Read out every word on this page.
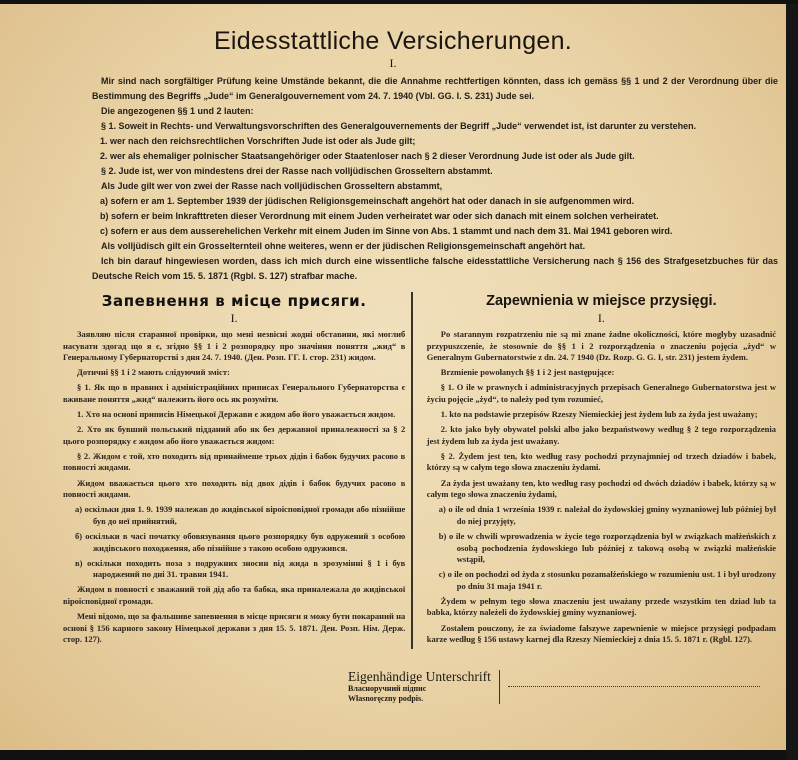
Eidesstattliche Versicherungen.
I.

Mir sind nach sorgfältiger Prüfung keine Umstände bekannt, die die Annahme rechtfertigen könnten, dass ich gemäss §§ 1 und 2 der Verordnung über die Bestimmung des Begriffs „Jude“ im Generalgouvernement vom 24. 7. 1940 (Vbl. GG. I. S. 231) Jude sei.

Die angezogenen §§ 1 und 2 lauten:

§ 1. Soweit in Rechts- und Verwaltungsvorschriften des Generalgouvernements der Begriff „Jude“ verwendet ist, ist darunter zu verstehen.

1. wer nach den reichsrechtlichen Vorschriften Jude ist oder als Jude gilt;

2. wer als ehemaliger polnischer Staatsangehöriger oder Staatenloser nach § 2 dieser Verordnung Jude ist oder als Jude gilt.

§ 2. Jude ist, wer von mindestens drei der Rasse nach volljüdischen Grosseltern abstammt.

Als Jude gilt wer von zwei der Rasse nach volljüdischen Grosseltern abstammt,

a) sofern er am 1. September 1939 der jüdischen Religionsgemeinschaft angehört hat oder danach in sie aufgenommen wird.

b) sofern er beim Inkrafttreten dieser Verordnung mit einem Juden verheiratet war oder sich danach mit einem solchen verheiratet.

c) sofern er aus dem ausserehelichen Verkehr mit einem Juden im Sinne von Abs. 1 stammt und nach dem 31. Mai 1941 geboren wird.

Als volljüdisch gilt ein Grosselternteil ohne weiteres, wenn er der jüdischen Religionsgemeinschaft angehört hat.

Ich bin darauf hingewiesen worden, dass ich mich durch eine wissentliche falsche eidesstattliche Versicherung nach § 156 des Strafgesetzbuches für das Deutsche Reich vom 15. 5. 1871 (Rgbl. S. 127) strafbar mache.

Запевнення в місце присяги.
I.

Заявляю після старанної провірки, що мені незвісні жодні обставини, які моглиб насувати здогад що я є, згідно §§ 1 і 2 розпорядку про значіння поняття „жид“ в Генеральному Губернаторстві з дня 24. 7. 1940. (Ден. Розп. ГГ. I. стор. 231) жидом.

Дотичні §§ 1 і 2 мають слідуючий зміст:

§ 1. Як що в правних і адміністраційних приписах Генерального Губернаторства є вживане поняття „жид“ належить його ось як розуміти.

1. Хто на основі приписів Німецької Держави є жидом або його уважається жидом.

2. Хто як бувший польський підданий або як без державної приналежності за § 2 цього розпорядку є жидом або його уважається жидом:

§ 2. Жидом є той, хто походить від принаймеше трьох дідів і бабок будучих расово в повності жидами.

Жидом вважається цього хто походить від двох дідів і бабок будучих расово в повності жидами.

а) оскільки дня 1. 9. 1939 належав до жидівської віроісповідної громади або пізнійше був до неї прийнятий,

б) оскільки в часі початку обовязування цього розпорядку був одружений з особою жидівського походження, або пізнійше з такою особою одружився.

в) оскільки походить поза з подружних зносин від жида в зрозумінні § 1 і був народжений по дні 31. травня 1941.

Жидом в повності є зважаний той дід або та бабка, яка приналежала до жидівської віроісповідної громади.

Мені відомо, що за фальшиве запевнення в місце присяги я можу бути покараний на основі § 156 карного закону Німецької держави з дня 15. 5. 1871. Ден. Розп. Нім. Держ. стор. 127).

Zapewnienia w miejsce przysięgi.
I.

Po starannym rozpatrzeniu nie są mi znane żadne okoliczności, które mogłyby uzasadnić przypuszczenie, że stosownie do §§ 1 i 2 rozporządzenia o znaczeniu pojęcia „żyd“ w Generalnym Gubernatorstwie z dn. 24. 7 1940 (Dz. Rozp. G. G. I, str. 231) jestem żydem.

Brzmienie powołanych §§ 1 i 2 jest następujące:

§ 1. O ile w prawnych i administracyjnych przepisach Generalnego Gubernatorstwa jest w życiu pojęcie „żyd“, to należy pod tym rozumieć,

1. kto na podstawie przepisów Rzeszy Niemieckiej jest żydem lub za żyda jest uważany;

2. kto jako były obywatel polski albo jako bezpaństwowy według § 2 tego rozporządzenia jest żydem lub za żyda jest uważany.

§ 2. Żydem jest ten, kto według rasy pochodzi przynajmniej od trzech dziadów i babek, którzy są w całym tego słowa znaczeniu żydami.

Za żyda jest uważany ten, kto według rasy pochodzi od dwóch dziadów i babek, którzy są w całym tego słowa znaczeniu żydami,

a) o ile od dnia 1 września 1939 r. należał do żydowskiej gminy wyznaniowej lub później był do niej przyjęty,

b) o ile w chwili wprowadzenia w życie tego rozporządzenia był w związkach małżeńskich z osobą pochodzenia żydowskiego lub później z takową osobą w związki małżeńskie wstąpił,

c) o ile on pochodzi od żyda z stosunku pozamałżeńskiego w rozumieniu ust. 1 i był urodzony po dniu 31 maja 1941 r.

Żydem w pełnym tego słowa znaczeniu jest uważany przede wszystkim ten dziad lub ta babka, którzy należeli do żydowskiej gminy wyznaniowej.

Zostałem pouczony, że za świadome fałszywe zapewnienie w miejsce przysięgi podpadam karze według § 156 ustawy karnej dla Rzeszy Niemieckiej z dnia 15. 5. 1871 r. (Rgbl. 127).

Eigenhändige Unterschrift
Власноручний підпис
Własnoręczny podpis.
